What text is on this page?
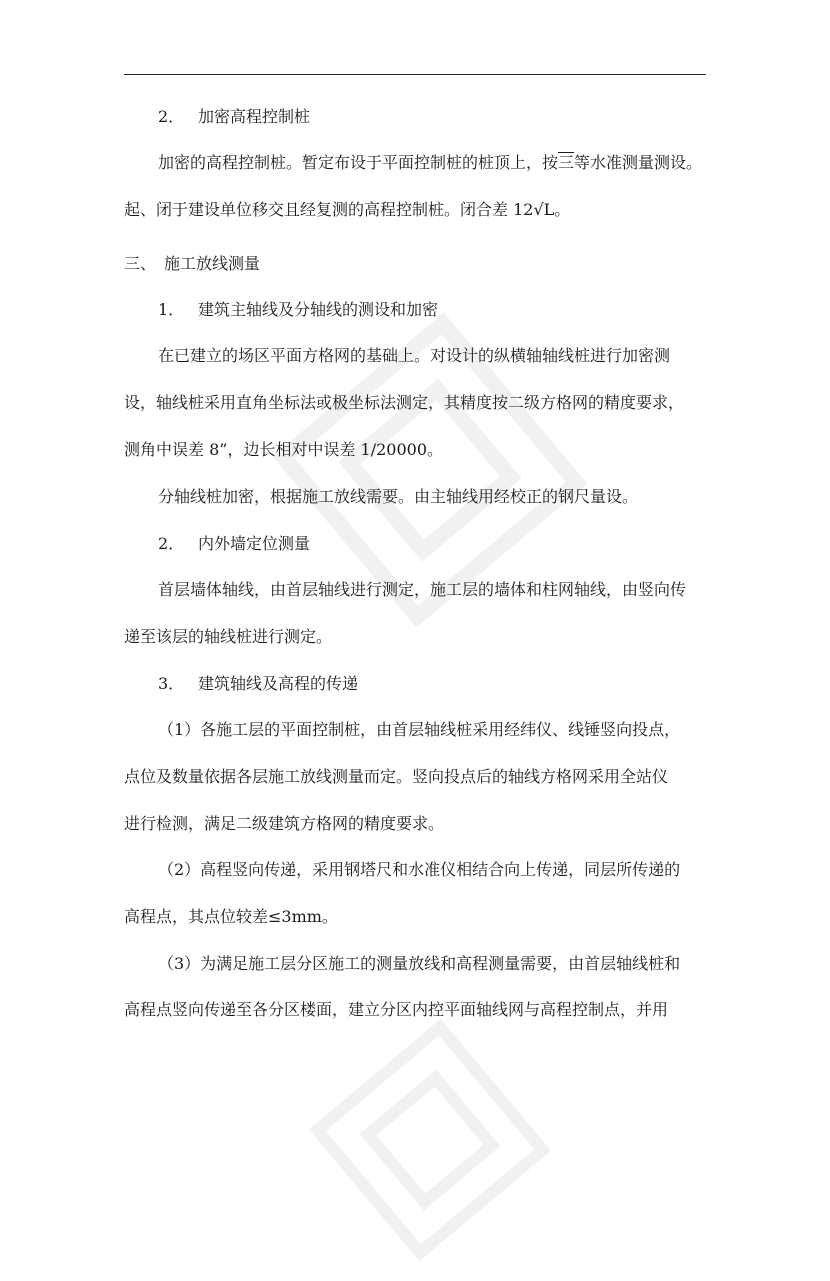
2． 加密高程控制桩
加密的高程控制桩。暂定布设于平面控制桩的桩顶上，按三等水准测量测设。
起、闭于建设单位移交且经复测的高程控制桩。闭合差 12√L。
三、 施工放线测量
1． 建筑主轴线及分轴线的测设和加密
在已建立的场区平面方格网的基础上。对设计的纵横轴轴线桩进行加密测
设，轴线桩采用直角坐标法或极坐标法测定，其精度按二级方格网的精度要求，
测角中误差 8”，边长相对中误差 1/20000。
分轴线桩加密，根据施工放线需要。由主轴线用经校正的钢尺量设。
2． 内外墙定位测量
首层墙体轴线，由首层轴线进行测定，施工层的墙体和柱网轴线，由竖向传
递至该层的轴线桩进行测定。
3． 建筑轴线及高程的传递
（1）各施工层的平面控制桩，由首层轴线桩采用经纬仪、线锤竖向投点，
点位及数量依据各层施工放线测量而定。竖向投点后的轴线方格网采用全站仪
进行检测，满足二级建筑方格网的精度要求。
（2）高程竖向传递，采用钢塔尺和水准仪相结合向上传递，同层所传递的
高程点，其点位较差≤3mm。
（3）为满足施工层分区施工的测量放线和高程测量需要，由首层轴线桩和
高程点竖向传递至各分区楼面，建立分区内控平面轴线网与高程控制点，并用
